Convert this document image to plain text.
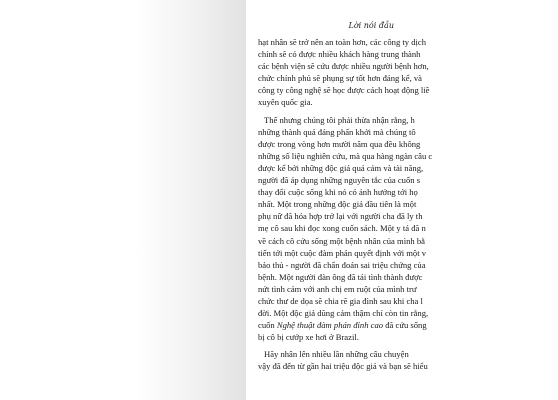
Lời nói đầu
hạt nhân sẽ trở nên an toàn hơn, các công ty dịch
chính sẽ có được nhiều khách hàng trung thành
các bệnh viện sẽ cứu được nhiều người bệnh hơn,
chức chính phủ sẽ phụng sự tốt hơn đáng kể, và
công ty công nghệ sẽ học được cách hoạt động liề
xuyên quốc gia.
Thế nhưng chúng tôi phải thừa nhận rằng, h
những thành quả đáng phấn khởi mà chúng tô
được trong vòng hơn mười năm qua đều không
những số liệu nghiên cứu, mà qua hàng ngàn câu c
được kể bởi những độc giả quả cảm và tài năng,
người đã áp dụng những nguyên tắc của cuốn s
thay đổi cuộc sống khi nó có ảnh hưởng tới họ
nhất. Một trong những độc giả đầu tiên là một
phụ nữ đã hóa hợp trở lại với người cha đã ly th
mẹ cô sau khi đọc xong cuốn sách. Một y tá đã n
về cách cô cứu sống một bệnh nhân của mình bằ
tiến tới một cuộc đàm phán quyết định với một v
bảo thủ - người đã chẩn đoán sai triệu chứng của
bệnh. Một người đàn ông đã tái tình thành được
nứt tình cảm với anh chị em ruột của mình trư
chức thư de dọa sẽ chia rẽ gia đình sau khi cha l
đời. Một độc giả dũng cảm thậm chí còn tin rằng,
cuốn Nghệ thuật đàm phán đỉnh cao đã cứu sống
bị cô bị cướp xe hơi ở Brazil.
Hãy nhân lên nhiều lần những câu chuyện
vậy đã đến từ gần hai triệu độc giả và bạn sẽ hiểu
